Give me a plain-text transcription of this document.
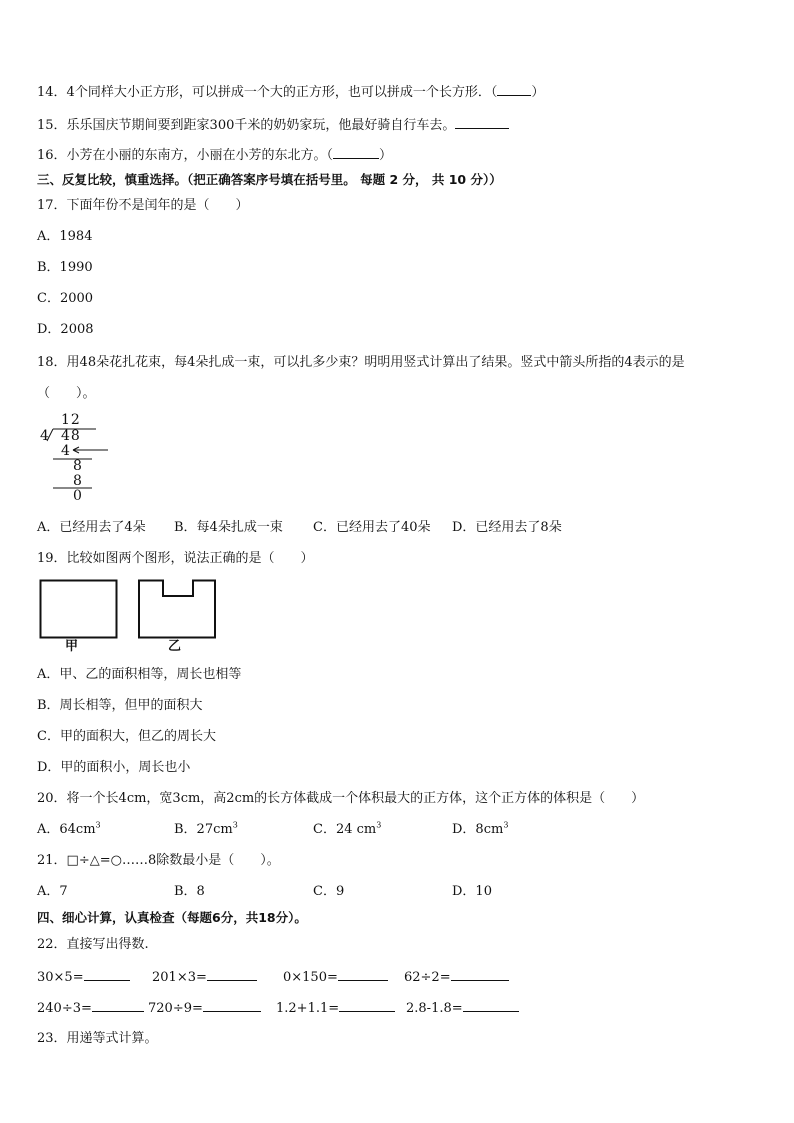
14．4个同样大小正方形，可以拼成一个大的正方形，也可以拼成一个长方形．（	）
15．乐乐国庆节期间要到距家300千米的奶奶家玩，他最好骑自行车去。
16．小芳在小丽的东南方，小丽在小芳的东北方。（	）
三、反复比较，慎重选择。（把正确答案序号填在括号里。 每题 2 分， 共 10 分））
17．下面年份不是闰年的是（　　）
A．1984
B．1990
C．2000
D．2008
18．用48朵花扎花束，每4朵扎成一束，可以扎多少束？明明用竖式计算出了结果。竖式中箭头所指的4表示的是
（　　）。
12
4 48
4
8
8
0
A．已经用去了4朵 B．每4朵扎成一束 C．已经用去了40朵 D．已经用去了8朵
19．比较如图两个图形，说法正确的是（　　）
甲	乙
A．甲、乙的面积相等，周长也相等
B．周长相等，但甲的面积大
C．甲的面积大，但乙的周长大
D．甲的面积小，周长也小
20．将一个长4cm，宽3cm，高2cm的长方体截成一个体积最大的正方体，这个正方体的体积是（　　）
A．$64cm^3$	B．$27cm^3$	C．24 $cm^3$	D．$8cm^3$
21．□÷△=○……8除数最小是（　　）。
A．7	B．8	C．9	D．10
四、细心计算，认真检查（每题6分，共18分）。
22．直接写出得数.
30×5=	201×3=	0×150=	62÷2=
240÷3=	720÷9=	1.2+1.1=	2.8-1.8=
23．用递等式计算。
